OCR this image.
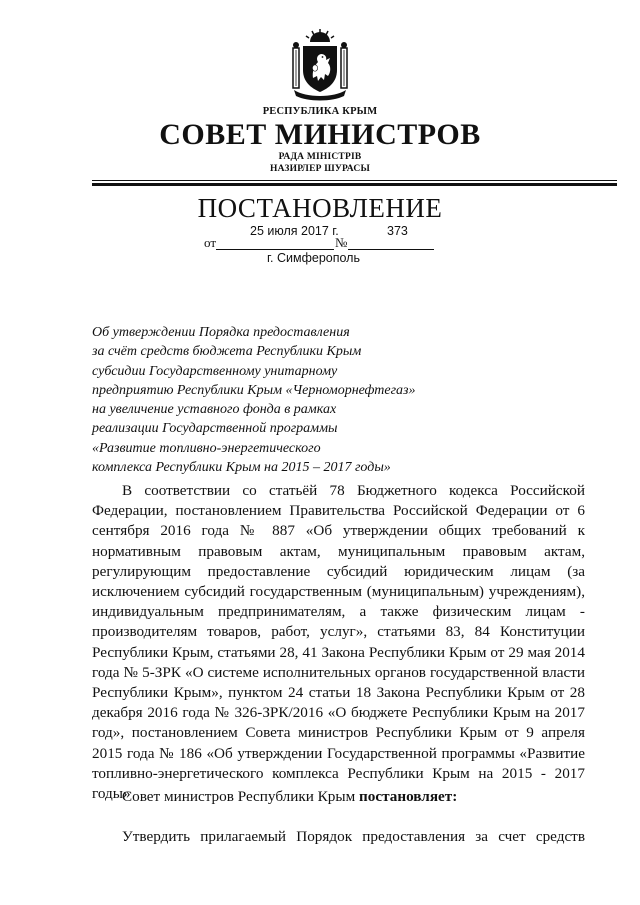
РЕСПУБЛИКА КРЫМ
СОВЕТ МИНИСТРОВ
РАДА МІНІСТРІВ
НАЗИРЛЕР ШУРАСЫ
ПОСТАНОВЛЕНИЕ
25 июля 2017 г.	373
от	№
г. Симферополь
Об утверждении Порядка предоставления
за счёт средств бюджета Республики Крым
субсидии Государственному унитарному
предприятию Республики Крым «Черноморнефтегаз»
на увеличение уставного фонда в рамках
реализации Государственной программы
«Развитие топливно-энергетического
комплекса Республики Крым на 2015 – 2017 годы»
В соответствии со статьёй 78 Бюджетного кодекса Российской Федерации, постановлением Правительства Российской Федерации от 6 сентября 2016 года № 887 «Об утверждении общих требований к нормативным правовым актам, муниципальным правовым актам, регулирующим предоставление субсидий юридическим лицам (за исключением субсидий государственным (муниципальным) учреждениям), индивидуальным предпринимателям, а также физическим лицам - производителям товаров, работ, услуг», статьями 83, 84 Конституции Республики Крым, статьями 28, 41 Закона Республики Крым от 29 мая 2014 года № 5-ЗРК «О системе исполнительных органов государственной власти Республики Крым», пунктом 24 статьи 18 Закона Республики Крым от 28 декабря 2016 года № 326-ЗРК/2016 «О бюджете Республики Крым на 2017 год», постановлением Совета министров Республики Крым от 9 апреля 2015 года № 186 «Об утверждении Государственной программы «Развитие топливно-энергетического комплекса Республики Крым на 2015 - 2017 годы»
Совет министров Республики Крым постановляет:
Утвердить прилагаемый Порядок предоставления за счет средств
